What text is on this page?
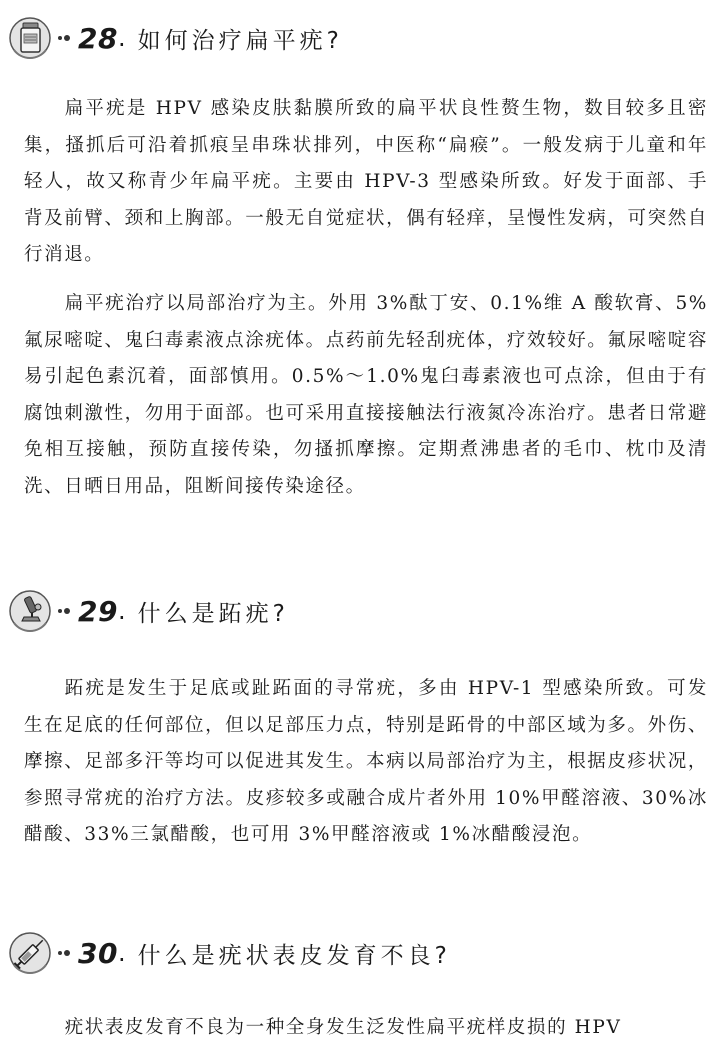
28 . 如何治疗扁平疣?

扁平疣是 HPV 感染皮肤黏膜所致的扁平状良性赘生物，数目较多且密集，搔抓后可沿着抓痕呈串珠状排列，中医称“扁瘊”。一般发病于儿童和年轻人，故又称青少年扁平疣。主要由 HPV-3 型感染所致。好发于面部、手背及前臂、颈和上胸部。一般无自觉症状，偶有轻痒，呈慢性发病，可突然自行消退。

扁平疣治疗以局部治疗为主。外用 3%酞丁安、0.1%维 A 酸软膏、5%氟尿嘧啶、鬼臼毒素液点涂疣体。点药前先轻刮疣体，疗效较好。氟尿嘧啶容易引起色素沉着，面部慎用。0.5%～1.0%鬼臼毒素液也可点涂，但由于有腐蚀刺激性，勿用于面部。也可采用直接接触法行液氮冷冻治疗。患者日常避免相互接触，预防直接传染，勿搔抓摩擦。定期煮沸患者的毛巾、枕巾及清洗、日晒日用品，阻断间接传染途径。

29 . 什么是跖疣?

跖疣是发生于足底或趾跖面的寻常疣，多由 HPV-1 型感染所致。可发生在足底的任何部位，但以足部压力点，特别是跖骨的中部区域为多。外伤、摩擦、足部多汗等均可以促进其发生。本病以局部治疗为主，根据皮疹状况，参照寻常疣的治疗方法。皮疹较多或融合成片者外用 10%甲醛溶液、30%冰醋酸、33%三氯醋酸，也可用 3%甲醛溶液或 1%冰醋酸浸泡。

30 . 什么是疣状表皮发育不良?

疣状表皮发育不良为一种全身发生泛发性扁平疣样皮损的 HPV
